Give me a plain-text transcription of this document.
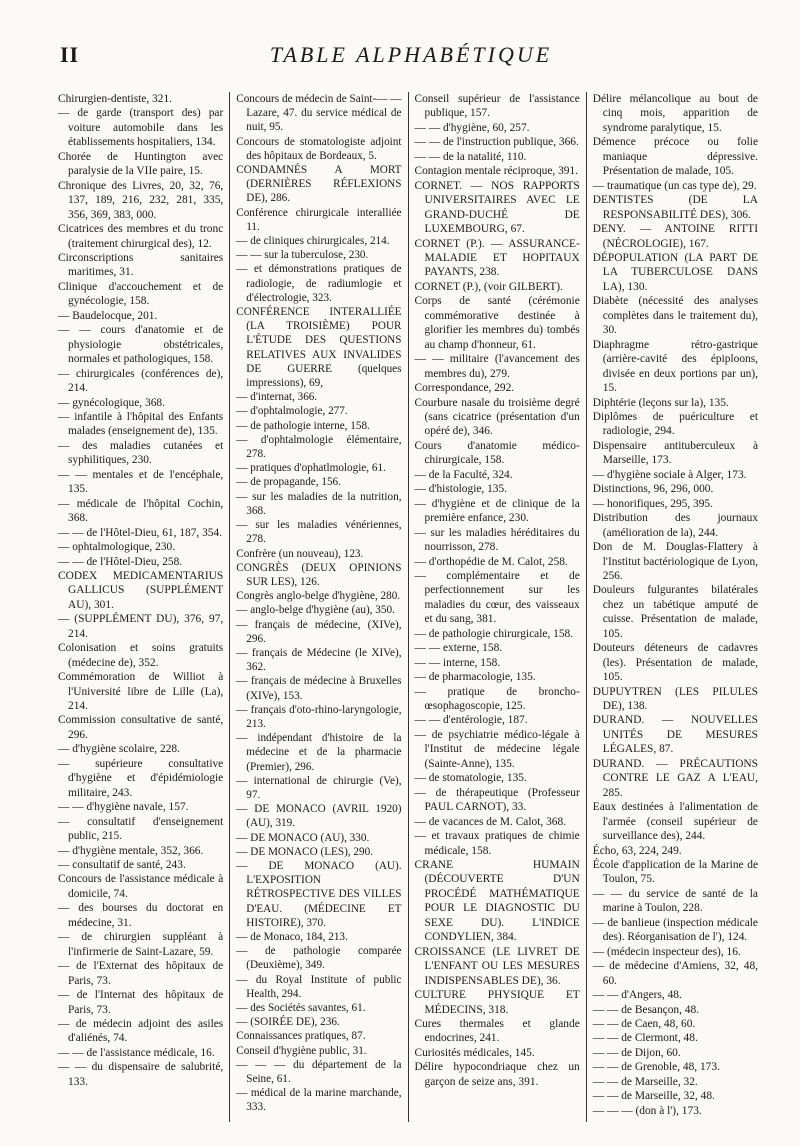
II	TABLE ALPHABÉTIQUE

Chirurgien-dentiste, 321.

— de garde (transport des) par voiture automobile dans les établissements hospitaliers, 134.

Chorée de Huntington avec paralysie de la VIIe paire, 15.

Chronique des Livres, 20, 32, 76, 137, 189, 216, 232, 281, 335, 356, 369, 383, 000.

Cicatrices des membres et du tronc (traitement chirurgical des), 12.

Circonscriptions sanitaires maritimes, 31.

Clinique d'accouchement et de gynécologie, 158.

— Baudelocque, 201.

— — cours d'anatomie et de physiologie obstétricales, normales et pathologiques, 158.

— chirurgicales (conférences de), 214.

— gynécologique, 368.

— infantile à l'hôpital des Enfants malades (enseignement de), 135.

— des maladies cutanées et syphilitiques, 230.

— — mentales et de l'encéphale, 135.

— médicale de l'hôpital Cochin, 368.

— — de l'Hôtel-Dieu, 61, 187, 354.

— ophtalmologique, 230.

— — de l'Hôtel-Dieu, 258.

CODEX MEDICAMENTARIUS GALLICUS (SUPPLÉMENT AU), 301.

— (SUPPLÉMENT DU), 376, 97, 214.

Colonisation et soins gratuits (médecine de), 352.

Commémoration de Williot à l'Université libre de Lille (La), 214.

Commission consultative de santé, 296.

— d'hygiène scolaire, 228.

— supérieure consultative d'hygiène et d'épidémiologie militaire, 243.

— — d'hygiène navale, 157.

— consultatif d'enseignement public, 215.

— d'hygiène mentale, 352, 366.

— consultatif de santé, 243.

Concours de l'assistance médicale à domicile, 74.

— des bourses du doctorat en médecine, 31.

— de chirurgien suppléant à l'infirmerie de Saint-Lazare, 59.

— de l'Externat des hôpitaux de Paris, 73.

— de l'Internat des hôpitaux de Paris, 73.

— de médecin adjoint des asiles d'aliénés, 74.

— — de l'assistance médicale, 16.

— — du dispensaire de salubrité, 133.

Concours de médecin de Saint-— — Lazare, 47. du service médical de nuit, 95.

Concours de stomatologiste adjoint des hôpitaux de Bordeaux, 5.

CONDAMNÉS A MORT (DERNIÈRES RÉFLEXIONS DE), 286.

Conférence chirurgicale interalliée 11.

— de cliniques chirurgicales, 214.

— — sur la tuberculose, 230.

— et démonstrations pratiques de radiologie, de radiumlogie et d'électrologie, 323.

CONFÉRENCE INTERALLIÉE (LA TROISIÈME) POUR L'ÉTUDE DES QUESTIONS RELATIVES AUX INVALIDES DE GUERRE (quelques impressions), 69,

— d'internat, 366.

— d'ophtalmologie, 277.

— de pathologie interne, 158.

— d'ophtalmologie élémentaire, 278.

— pratiques d'ophatlmologie, 61.

— de propagande, 156.

— sur les maladies de la nutrition, 368.

— sur les maladies vénériennes, 278.

Confrère (un nouveau), 123.

CONGRÈS (DEUX OPINIONS SUR LES), 126.

Congrès anglo-belge d'hygiène, 280.

— anglo-belge d'hygiène (au), 350.

— français de médecine, (XIVe), 296.

— français de Médecine (le XIVe), 362.

— français de médecine à Bruxelles (XIVe), 153.

— français d'oto-rhino-laryngologie, 213.

— indépendant d'histoire de la médecine et de la pharmacie (Premier), 296.

— international de chirurgie (Ve), 97.

— DE MONACO (AVRIL 1920) (AU), 319.

— DE MONACO (AU), 330.

— DE MONACO (LES), 290.

— DE MONACO (AU). L'EXPOSITION RÉTROSPECTIVE DES VILLES D'EAU. (MÉDECINE ET HISTOIRE), 370.

— de Monaco, 184, 213.

— de pathologie comparée (Deuxième), 349.

— du Royal Institute of public Health, 294.

— des Sociétés savantes, 61.

— (SOIRÉE DE), 236.

Connaissances pratiques, 87.

Conseil d'hygiène public, 31.

— — — du département de la Seine, 61.

— médical de la marine marchande, 333.

Conseil supérieur de l'assistance publique, 157.

— — d'hygiène, 60, 257.

— — de l'instruction publique, 366.

— — de la natalité, 110.

Contagion mentale réciproque, 391.

CORNET. — NOS RAPPORTS UNIVERSITAIRES AVEC LE GRAND-DUCHÉ DE LUXEMBOURG, 67.

CORNET (P.). — ASSURANCE-MALADIE ET HOPITAUX PAYANTS, 238.

CORNET (P.), (voir GILBERT).

Corps de santé (cérémonie commémorative destinée à glorifier les membres du) tombés au champ d'honneur, 61.

— — militaire (l'avancement des membres du), 279.

Correspondance, 292.

Courbure nasale du troisième degré (sans cicatrice (présentation d'un opéré de), 346.

Cours d'anatomie médico-chirurgicale, 158.

— de la Faculté, 324.

— d'histologie, 135.

— d'hygiène et de clinique de la première enfance, 230.

— sur les maladies héréditaires du nourrisson, 278.

— d'orthopédie de M. Calot, 258.

— complémentaire et de perfectionnement sur les maladies du cœur, des vaisseaux et du sang, 381.

— de pathologie chirurgicale, 158.

— — externe, 158.

— — interne, 158.

— de pharmacologie, 135.

— pratique de broncho-œsophagoscopie, 125.

— — d'entérologie, 187.

— de psychiatrie médico-légale à l'Institut de médecine légale (Sainte-Anne), 135.

— de stomatologie, 135.

— de thérapeutique (Professeur PAUL CARNOT), 33.

— de vacances de M. Calot, 368.

— et travaux pratiques de chimie médicale, 158.

CRANE HUMAIN (DÉCOUVERTE D'UN PROCÉDÉ MATHÉMATIQUE POUR LE DIAGNOSTIC DU SEXE DU). L'INDICE CONDYLIEN, 384.

CROISSANCE (LE LIVRET DE L'ENFANT OU LES MESURES INDISPENSABLES DE), 36.

CULTURE PHYSIQUE ET MÉDECINS, 318.

Cures thermales et glande endocrines, 241.

Curiosités médicales, 145.

Délire hypocondriaque chez un garçon de seize ans, 391.

Délire mélancolique au bout de cinq mois, apparition de syndrome paralytique, 15.

Démence précoce ou folie maniaque dépressive. Présentation de malade, 105.

— traumatique (un cas type de), 29.

DENTISTES (DE LA RESPONSABILITÉ DES), 306.

DENY. — ANTOINE RITTI (NÉCROLOGIE), 167.

DÉPOPULATION (LA PART DE LA TUBERCULOSE DANS LA), 130.

Diabète (nécessité des analyses complètes dans le traitement du), 30.

Diaphragme rétro-gastrique (arrière-cavité des épiploons, divisée en deux portions par un), 15.

Diphtérie (leçons sur la), 135.

Diplômes de puériculture et radiologie, 294.

Dispensaire antituberculeux à Marseille, 173.

— d'hygiène sociale à Alger, 173.

Distinctions, 96, 296, 000.

— honorifiques, 295, 395.

Distribution des journaux (amélioration de la), 244.

Don de M. Douglas-Flattery à l'Institut bactériologique de Lyon, 256.

Douleurs fulgurantes bilatérales chez un tabétique amputé de cuisse. Présentation de malade, 105.

Douteurs déteneurs de cadavres (les). Présentation de malade, 105.

DUPUYTREN (LES PILULES DE), 138.

DURAND. — NOUVELLES UNITÉS DE MESURES LÉGALES, 87.

DURAND. — PRÉCAUTIONS CONTRE LE GAZ A L'EAU, 285.

Eaux destinées à l'alimentation de l'armée (conseil supérieur de surveillance des), 244.

Écho, 63, 224, 249.

École d'application de la Marine de Toulon, 75.

— — du service de santé de la marine à Toulon, 228.

— de banlieue (inspection médicale des). Réorganisation de l'), 124.

— (médecin inspecteur des), 16.

— de médecine d'Amiens, 32, 48, 60.

— — d'Angers, 48.

— — de Besançon, 48.

— — de Caen, 48, 60.

— — de Clermont, 48.

— — de Dijon, 60.

— — de Grenoble, 48, 173.

— — de Marseille, 32.

— — de Marseille, 32, 48.

— — — (don à l'), 173.
